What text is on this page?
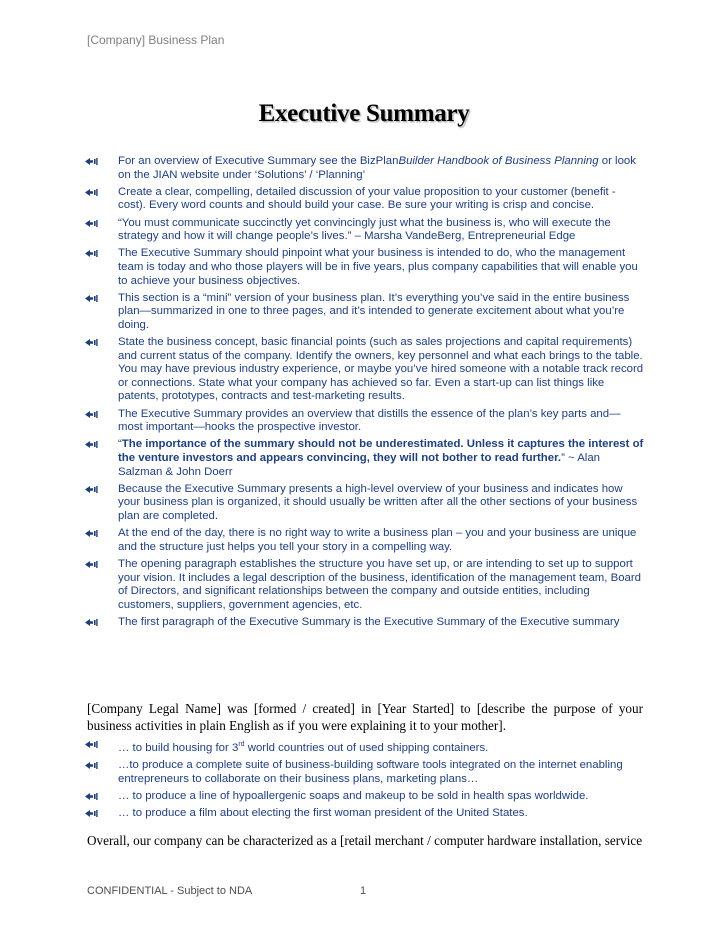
[Company] Business Plan
Executive Summary
For an overview of Executive Summary see the BizPlanBuilder Handbook of Business Planning or look on the JIAN website under ‘Solutions’ / ‘Planning’
Create a clear, compelling, detailed discussion of your value proposition to your customer (benefit - cost). Every word counts and should build your case. Be sure your writing is crisp and concise.
“You must communicate succinctly yet convincingly just what the business is, who will execute the strategy and how it will change people’s lives.” – Marsha VandeBerg, Entrepreneurial Edge
The Executive Summary should pinpoint what your business is intended to do, who the management team is today and who those players will be in five years, plus company capabilities that will enable you to achieve your business objectives.
This section is a “mini” version of your business plan. It’s everything you’ve said in the entire business plan—summarized in one to three pages, and it’s intended to generate excitement about what you’re doing.
State the business concept, basic financial points (such as sales projections and capital requirements) and current status of the company. Identify the owners, key personnel and what each brings to the table. You may have previous industry experience, or maybe you’ve hired someone with a notable track record or connections. State what your company has achieved so far. Even a start-up can list things like patents, prototypes, contracts and test-marketing results.
The Executive Summary provides an overview that distills the essence of the plan’s key parts and—most important—hooks the prospective investor.
“The importance of the summary should not be underestimated. Unless it captures the interest of the venture investors and appears convincing, they will not bother to read further.” ~ Alan Salzman & John Doerr
Because the Executive Summary presents a high-level overview of your business and indicates how your business plan is organized, it should usually be written after all the other sections of your business plan are completed.
At the end of the day, there is no right way to write a business plan – you and your business are unique and the structure just helps you tell your story in a compelling way.
The opening paragraph establishes the structure you have set up, or are intending to set up to support your vision. It includes a legal description of the business, identification of the management team, Board of Directors, and significant relationships between the company and outside entities, including customers, suppliers, government agencies, etc.
The first paragraph of the Executive Summary is the Executive Summary of the Executive summary
[Company Legal Name] was [formed / created] in [Year Started] to [describe the purpose of your business activities in plain English as if you were explaining it to your mother].
… to build housing for 3rd world countries out of used shipping containers.
…to produce a complete suite of business-building software tools integrated on the internet enabling entrepreneurs to collaborate on their business plans, marketing plans…
… to produce a line of hypoallergenic soaps and makeup to be sold in health spas worldwide.
… to produce a film about electing the first woman president of the United States.
Overall, our company can be characterized as a [retail merchant / computer hardware installation, service
CONFIDENTIAL - Subject to NDA	1
